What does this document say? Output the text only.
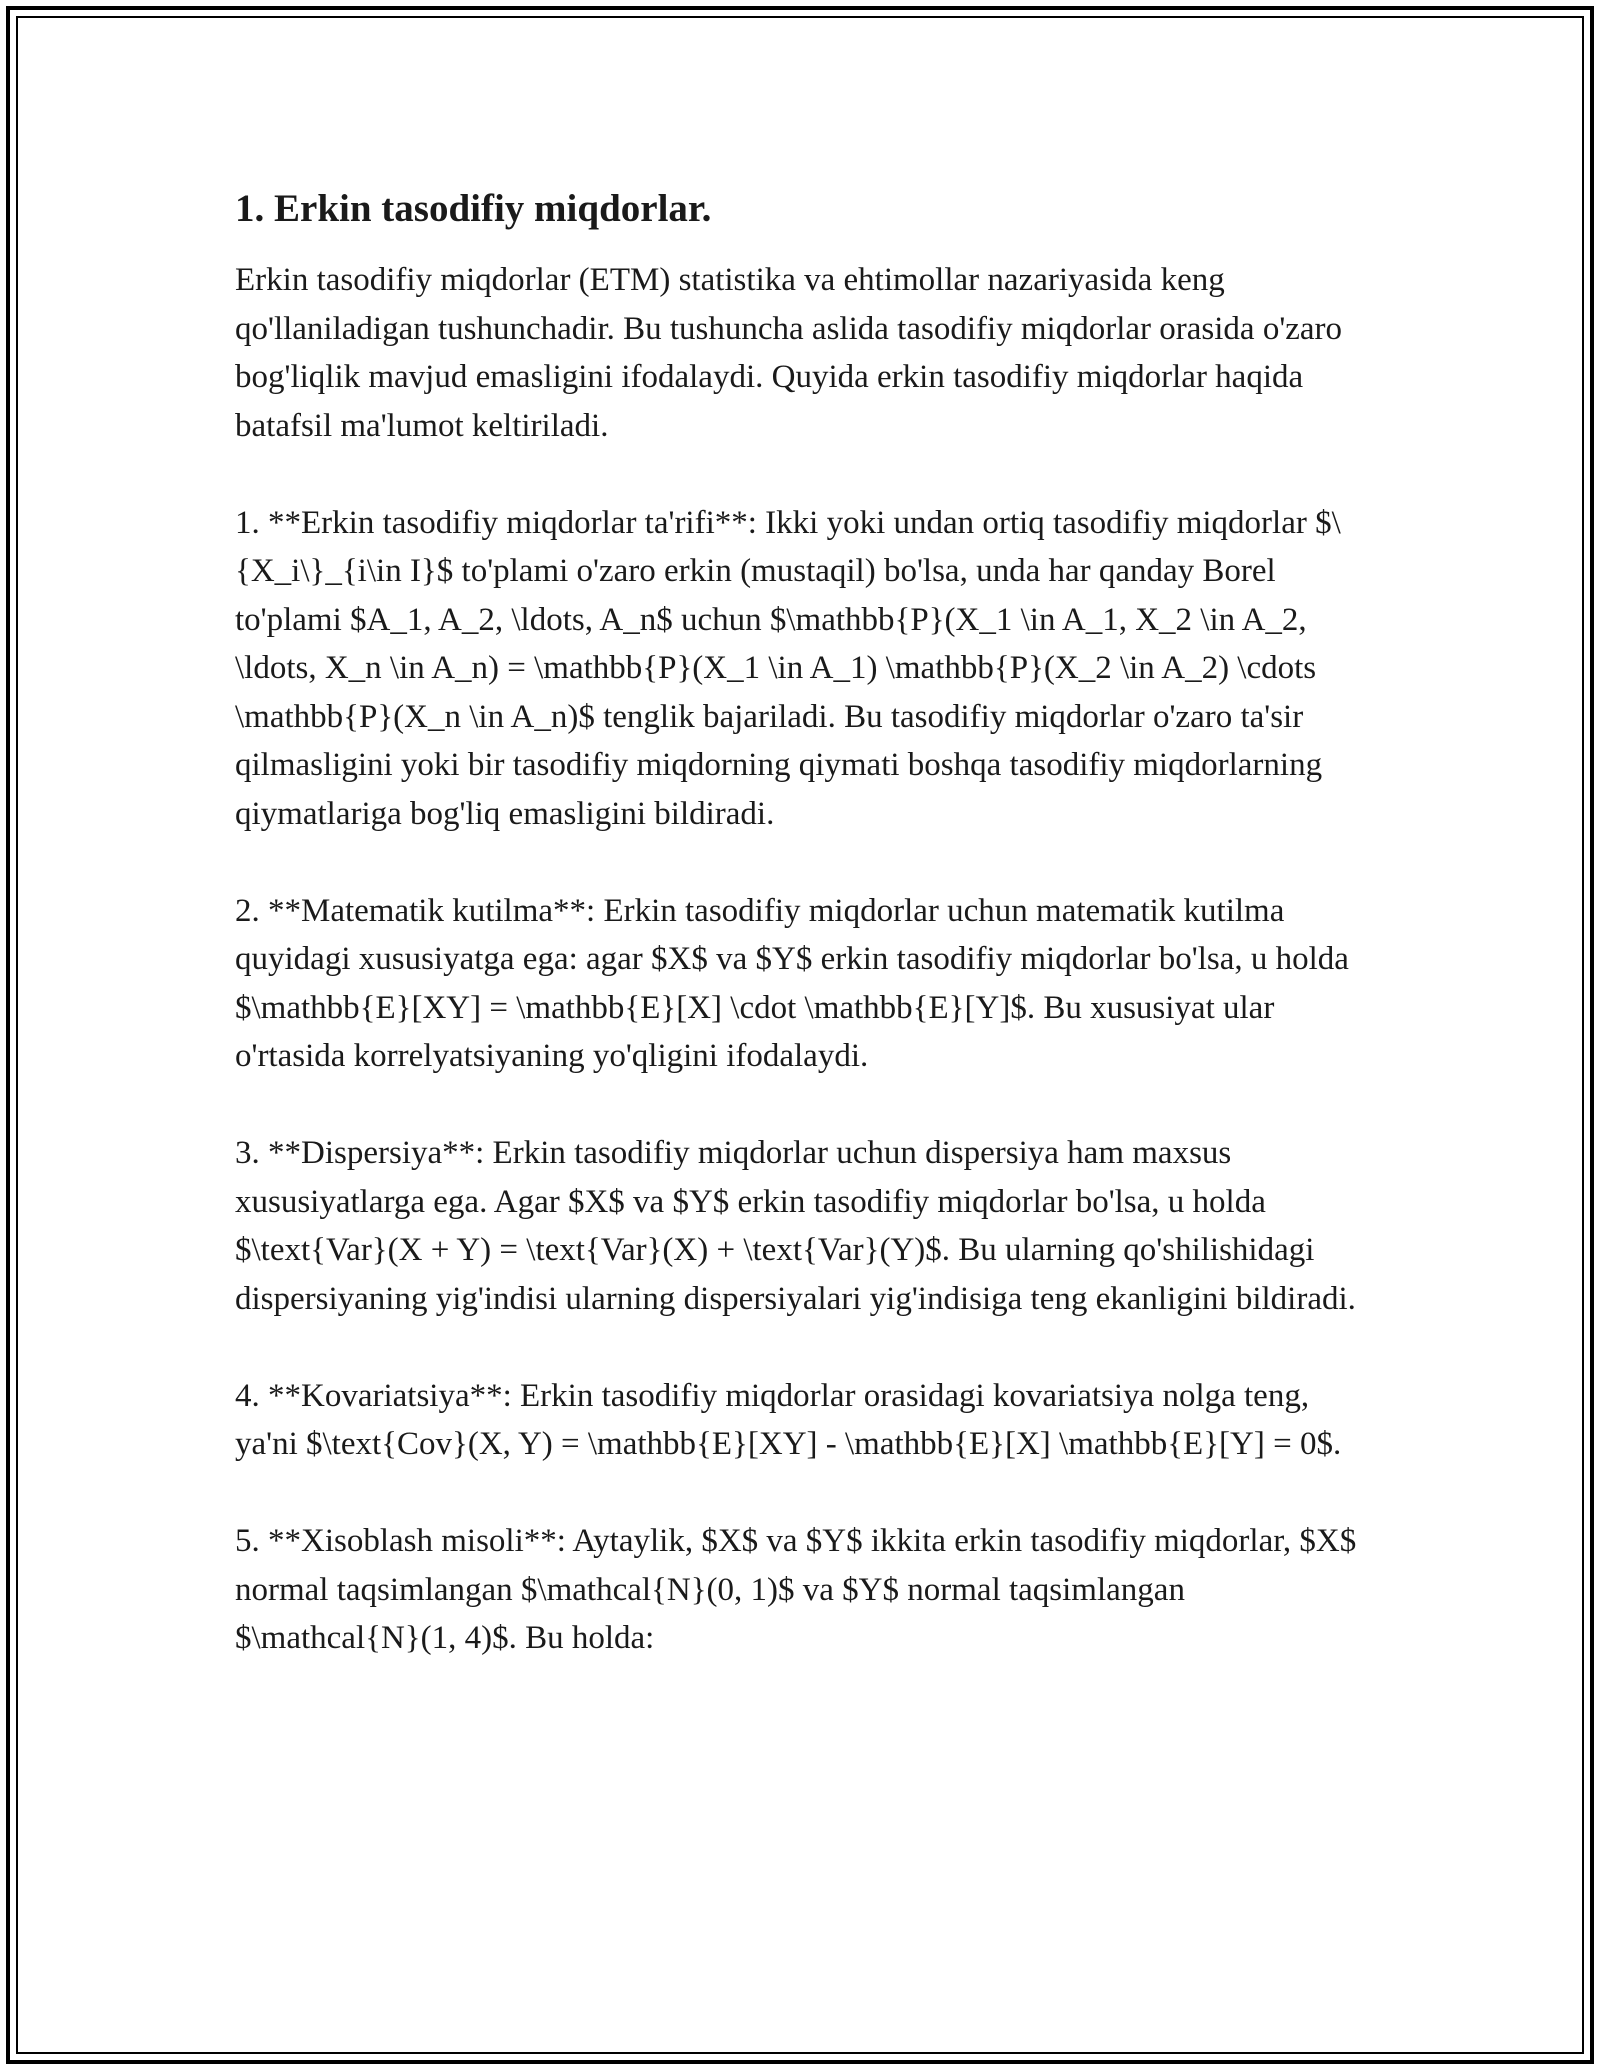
1. Erkin tasodifiy miqdorlar.

Erkin tasodifiy miqdorlar (ETM) statistika va ehtimollar nazariyasida keng qo'llaniladigan tushunchadir. Bu tushuncha aslida tasodifiy miqdorlar orasida o'zaro bog'liqlik mavjud emasligini ifodalaydi. Quyida erkin tasodifiy miqdorlar haqida batafsil ma'lumot keltiriladi.

1. **Erkin tasodifiy miqdorlar ta'rifi**: Ikki yoki undan ortiq tasodifiy miqdorlar $\{X_i\}_{i\in I}$ to'plami o'zaro erkin (mustaqil) bo'lsa, unda har qanday Borel to'plami $A_1, A_2, \ldots, A_n$ uchun $\mathbb{P}(X_1 \in A_1, X_2 \in A_2, \ldots, X_n \in A_n) = \mathbb{P}(X_1 \in A_1) \mathbb{P}(X_2 \in A_2) \cdots \mathbb{P}(X_n \in A_n)$ tenglik bajariladi. Bu tasodifiy miqdorlar o'zaro ta'sir qilmasligini yoki bir tasodifiy miqdorning qiymati boshqa tasodifiy miqdorlarning qiymatlariga bog'liq emasligini bildiradi.

2. **Matematik kutilma**: Erkin tasodifiy miqdorlar uchun matematik kutilma quyidagi xususiyatga ega: agar $X$ va $Y$ erkin tasodifiy miqdorlar bo'lsa, u holda $\mathbb{E}[XY] = \mathbb{E}[X] \cdot \mathbb{E}[Y]$. Bu xususiyat ular o'rtasida korrelyatsiyaning yo'qligini ifodalaydi.

3. **Dispersiya**: Erkin tasodifiy miqdorlar uchun dispersiya ham maxsus xususiyatlarga ega. Agar $X$ va $Y$ erkin tasodifiy miqdorlar bo'lsa, u holda $\text{Var}(X + Y) = \text{Var}(X) + \text{Var}(Y)$. Bu ularning qo'shilishidagi dispersiyaning yig'indisi ularning dispersiyalari yig'indisiga teng ekanligini bildiradi.

4. **Kovariatsiya**: Erkin tasodifiy miqdorlar orasidagi kovariatsiya nolga teng, ya'ni $\text{Cov}(X, Y) = \mathbb{E}[XY] - \mathbb{E}[X] \mathbb{E}[Y] = 0$.

5. **Xisoblash misoli**: Aytaylik, $X$ va $Y$ ikkita erkin tasodifiy miqdorlar, $X$ normal taqsimlangan $\mathcal{N}(0, 1)$ va $Y$ normal taqsimlangan $\mathcal{N}(1, 4)$. Bu holda:
